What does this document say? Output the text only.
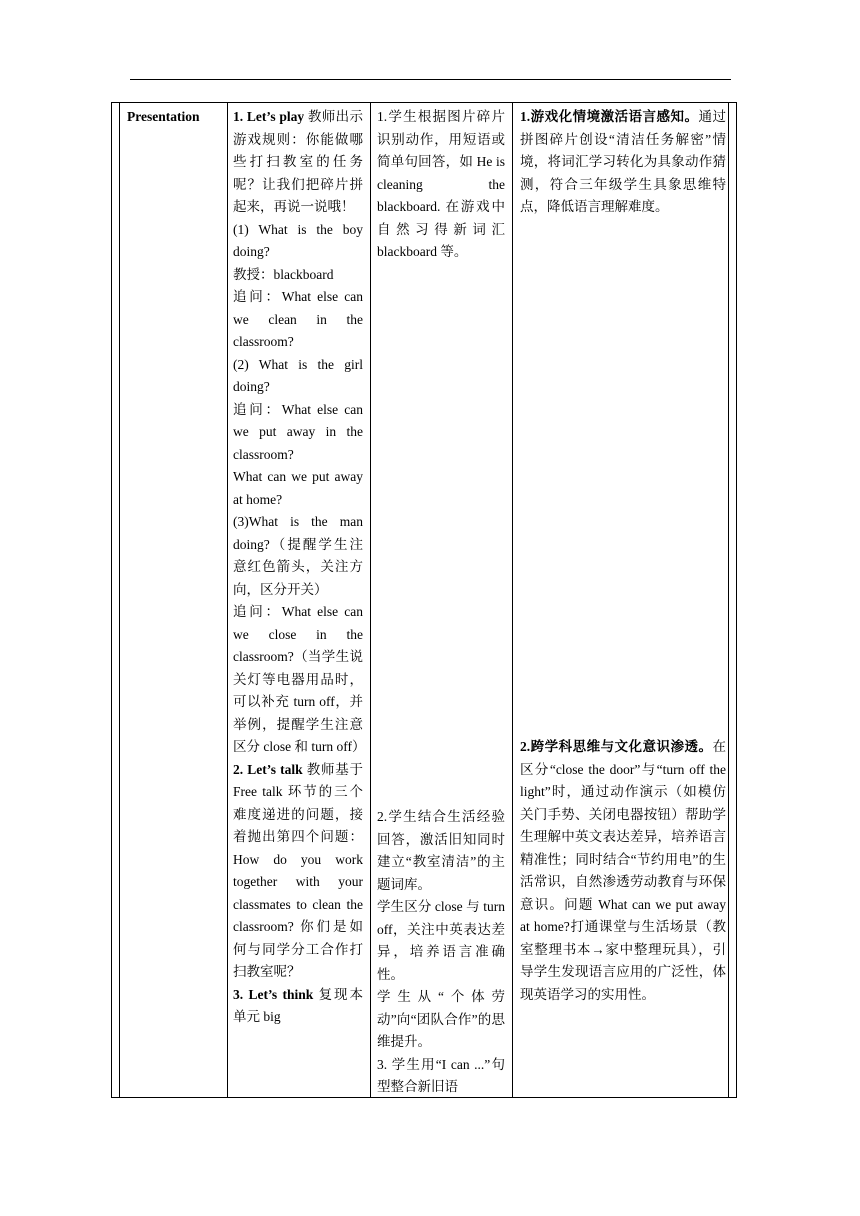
Presentation	1. Let’s play 教师出示游戏规则：你能做哪些打扫教室的任务呢？让我们把碎片拼起来，再说一说哦！

(1) What is the boy doing?

教授：blackboard

追问：What else can we clean in the classroom?

(2) What is the girl doing?

追问：What else can we put away in the classroom?

What can we put away at home?

(3)What is the man doing?（提醒学生注意红色箭头，关注方向，区分开关）

追问：What else can we close in the classroom?（当学生说关灯等电器用品时，可以补充 turn off，并举例，提醒学生注意区分 close 和 turn off）

2. Let’s talk 教师基于 Free talk 环节的三个难度递进的问题，接着抛出第四个问题：How do you work together with your classmates to clean the classroom? 你们是如何与同学分工合作打扫教室呢？

3. Let’s think 复现本单元 big

1.学生根据图片碎片识别动作，用短语或简单句回答，如 He is cleaning the blackboard. 在游戏中自然习得新词汇 blackboard 等。

2.学生结合生活经验回答，激活旧知同时建立“教室清洁”的主题词库。

学生区分 close 与 turn off，关注中英表达差异，培养语言准确性。

学生从“个体劳动”向“团队合作”的思维提升。

3. 学生用“I can ...”句型整合新旧语

1.游戏化情境激活语言感知。通过拼图碎片创设“清洁任务解密”情境，将词汇学习转化为具象动作猜测，符合三年级学生具象思维特点，降低语言理解难度。
2.跨学科思维与文化意识渗透。在区分“close the door”与“turn off the light”时，通过动作演示（如模仿关门手势、关闭电器按钮）帮助学生理解中英文表达差异，培养语言精准性；同时结合“节约用电”的生活常识，自然渗透劳动教育与环保意识。问题 What can we put away at home?打通课堂与生活场景（教室整理书本→家中整理玩具），引导学生发现语言应用的广泛性，体现英语学习的实用性。
